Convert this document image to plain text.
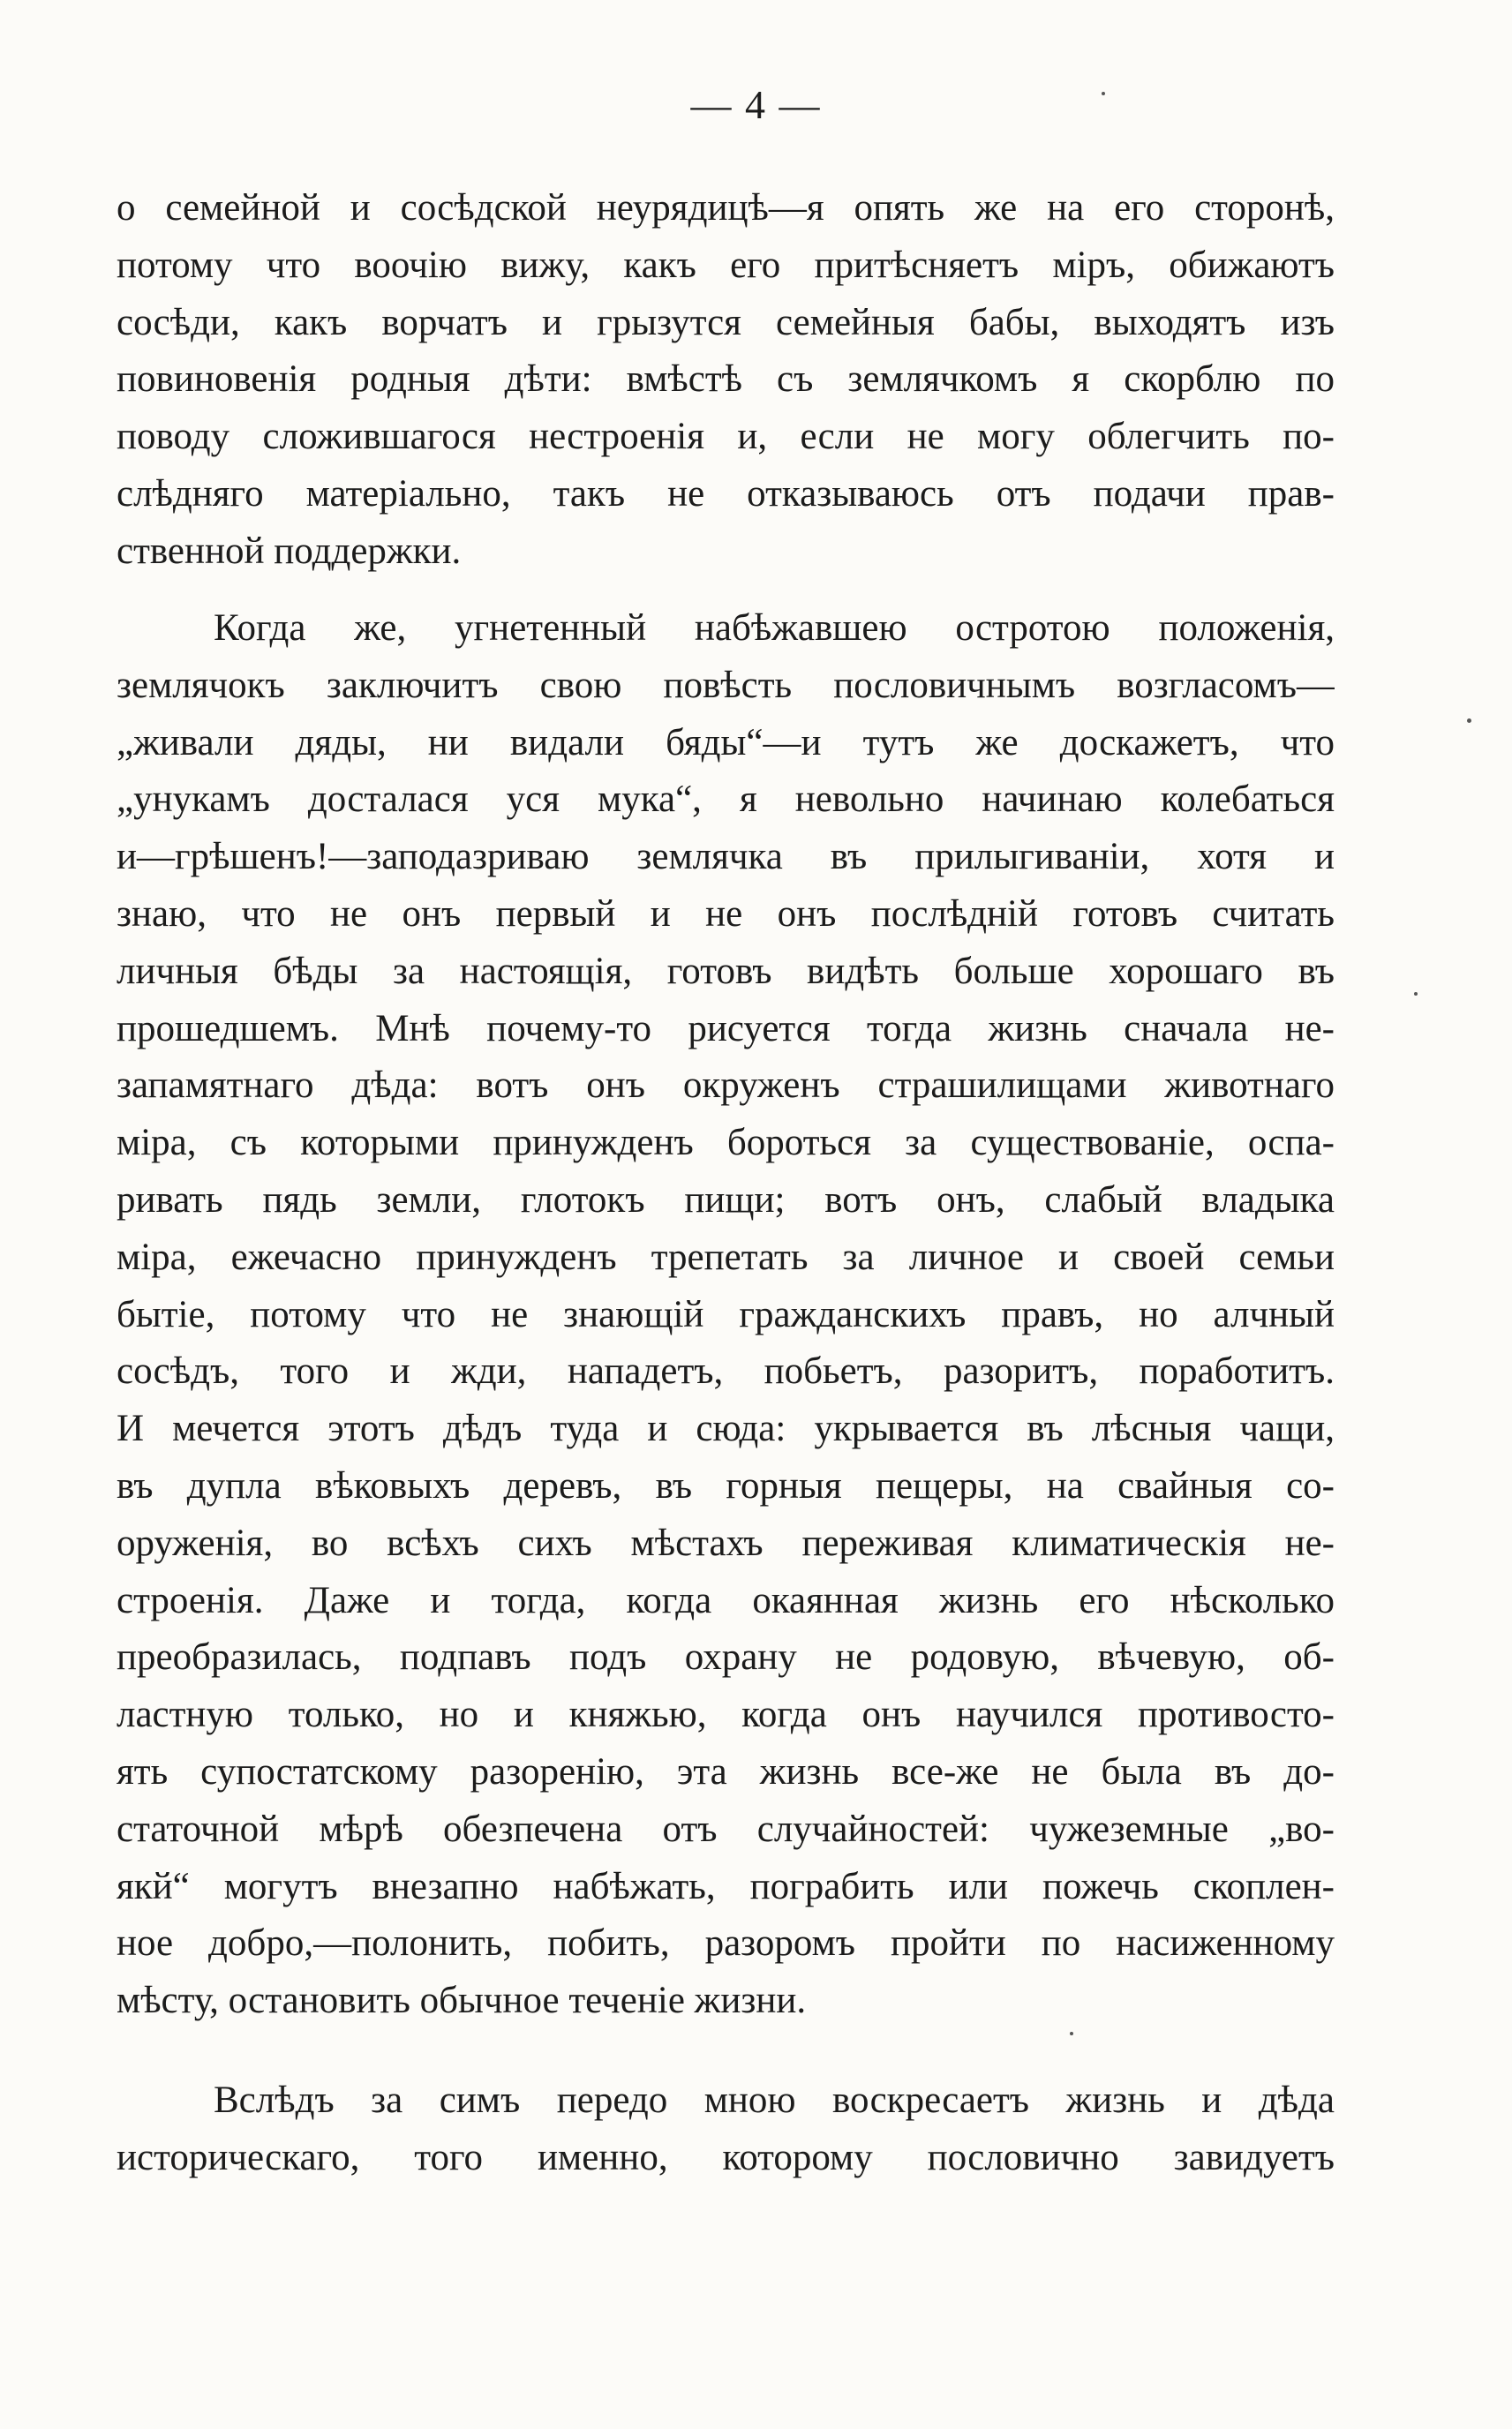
— 4 —
о семейной и сосѣдской неурядицѣ—я опять же на его сторонѣ,
потому что воочію вижу, какъ его притѣсняетъ міръ, обижаютъ
сосѣди, какъ ворчатъ и грызутся семейныя бабы, выходятъ изъ
повиновенія родныя дѣти: вмѣстѣ съ землячкомъ я скорблю по
поводу сложившагося нестроенія и, если не могу облегчить по-
слѣдняго матеріально, такъ не отказываюсь отъ подачи прав-
ственной поддержки.
Когда же, угнетенный набѣжавшею остротою положенія,
землячокъ заключитъ свою повѣсть пословичнымъ возгласомъ—
„живали дяды, ни видали бяды“—и тутъ же доскажетъ, что
„унукамъ досталася уся мука“, я невольно начинаю колебаться
и—грѣшенъ!—заподазриваю землячка въ прилыгиваніи, хотя и
знаю, что не онъ первый и не онъ послѣдній готовъ считать
личныя бѣды за настоящія, готовъ видѣть больше хорошаго въ
прошедшемъ. Мнѣ почему-то рисуется тогда жизнь сначала не-
запамятнаго дѣда: вотъ онъ окруженъ страшилищами животнаго
міра, съ которыми принужденъ бороться за существованіе, оспа-
ривать пядь земли, глотокъ пищи; вотъ онъ, слабый владыка
міра, ежечасно принужденъ трепетать за личное и своей семьи
бытіе, потому что не знающій гражданскихъ правъ, но алчный
сосѣдъ, того и жди, нападетъ, побьетъ, разоритъ, поработитъ.
И мечется этотъ дѣдъ туда и сюда: укрывается въ лѣсныя чащи,
въ дупла вѣковыхъ деревъ, въ горныя пещеры, на свайныя со-
оруженія, во всѣхъ сихъ мѣстахъ переживая климатическія не-
строенія. Даже и тогда, когда окаянная жизнь его нѣсколько
преобразилась, подпавъ подъ охрану не родовую, вѣчевую, об-
ластную только, но и княжью, когда онъ научился противосто-
ять супостатскому разоренію, эта жизнь все-же не была въ до-
статочной мѣрѣ обезпечена отъ случайностей: чужеземные „во-
якй“ могутъ внезапно набѣжать, пограбить или пожечь скоплен-
ное добро,—полонить, побить, разоромъ пройти по насиженному
мѣсту, остановить обычное теченіе жизни.
Вслѣдъ за симъ передо мною воскресаетъ жизнь и дѣда
историческаго, того именно, которому пословично завидуетъ
